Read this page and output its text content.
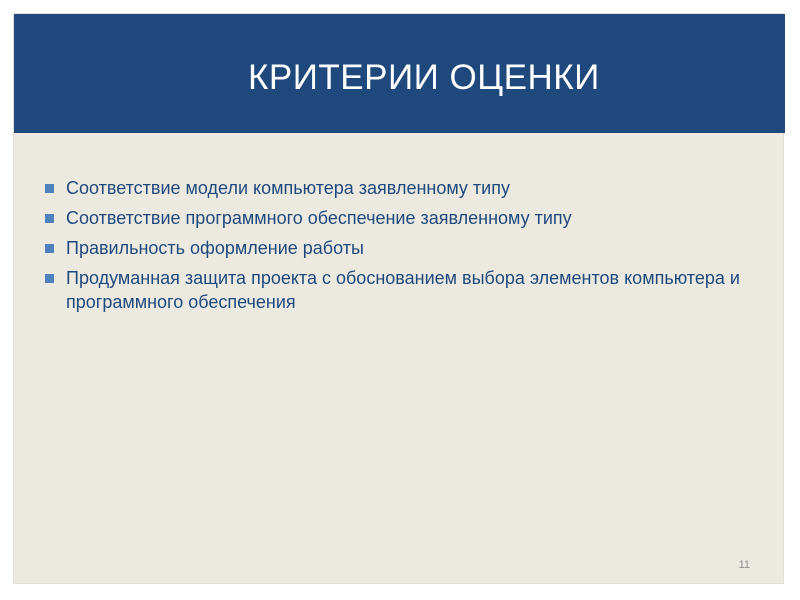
КРИТЕРИИ ОЦЕНКИ
Соответствие модели компьютера заявленному типу
Соответствие программного обеспечение заявленному типу
Правильность оформление работы
Продуманная защита проекта с обоснованием выбора элементов компьютера и программного обеспечения
11
